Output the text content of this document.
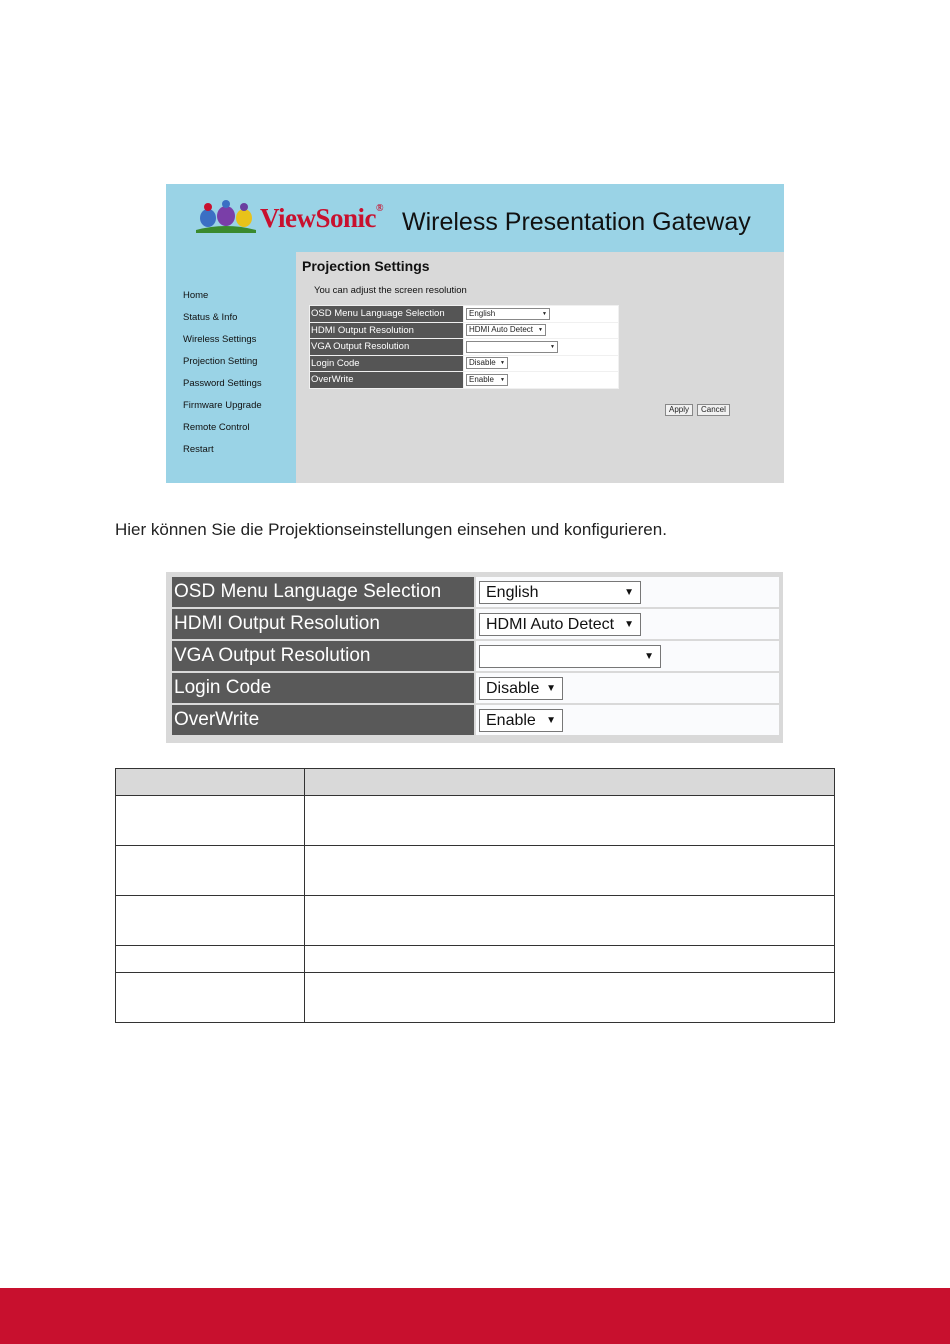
ViewSonic® Wireless Presentation Gateway
Home
Status & Info
Wireless Settings
Projection Setting
Password Settings
Firmware Upgrade
Remote Control
Restart
Projection Settings
You can adjust the screen resolution
OSD Menu Language Selection	English ▼

HDMI Output Resolution	HDMI Auto Detect ▼

VGA Output Resolution	▼

Login Code	Disable ▼

OverWrite	Enable ▼
Apply	Cancel
Hier können Sie die Projektionseinstellungen einsehen und konfigurieren.
OSD Menu Language Selection	English ▼

HDMI Output Resolution	HDMI Auto Detect ▼

VGA Output Resolution	▼

Login Code	Disable ▼

OverWrite	Enable ▼
